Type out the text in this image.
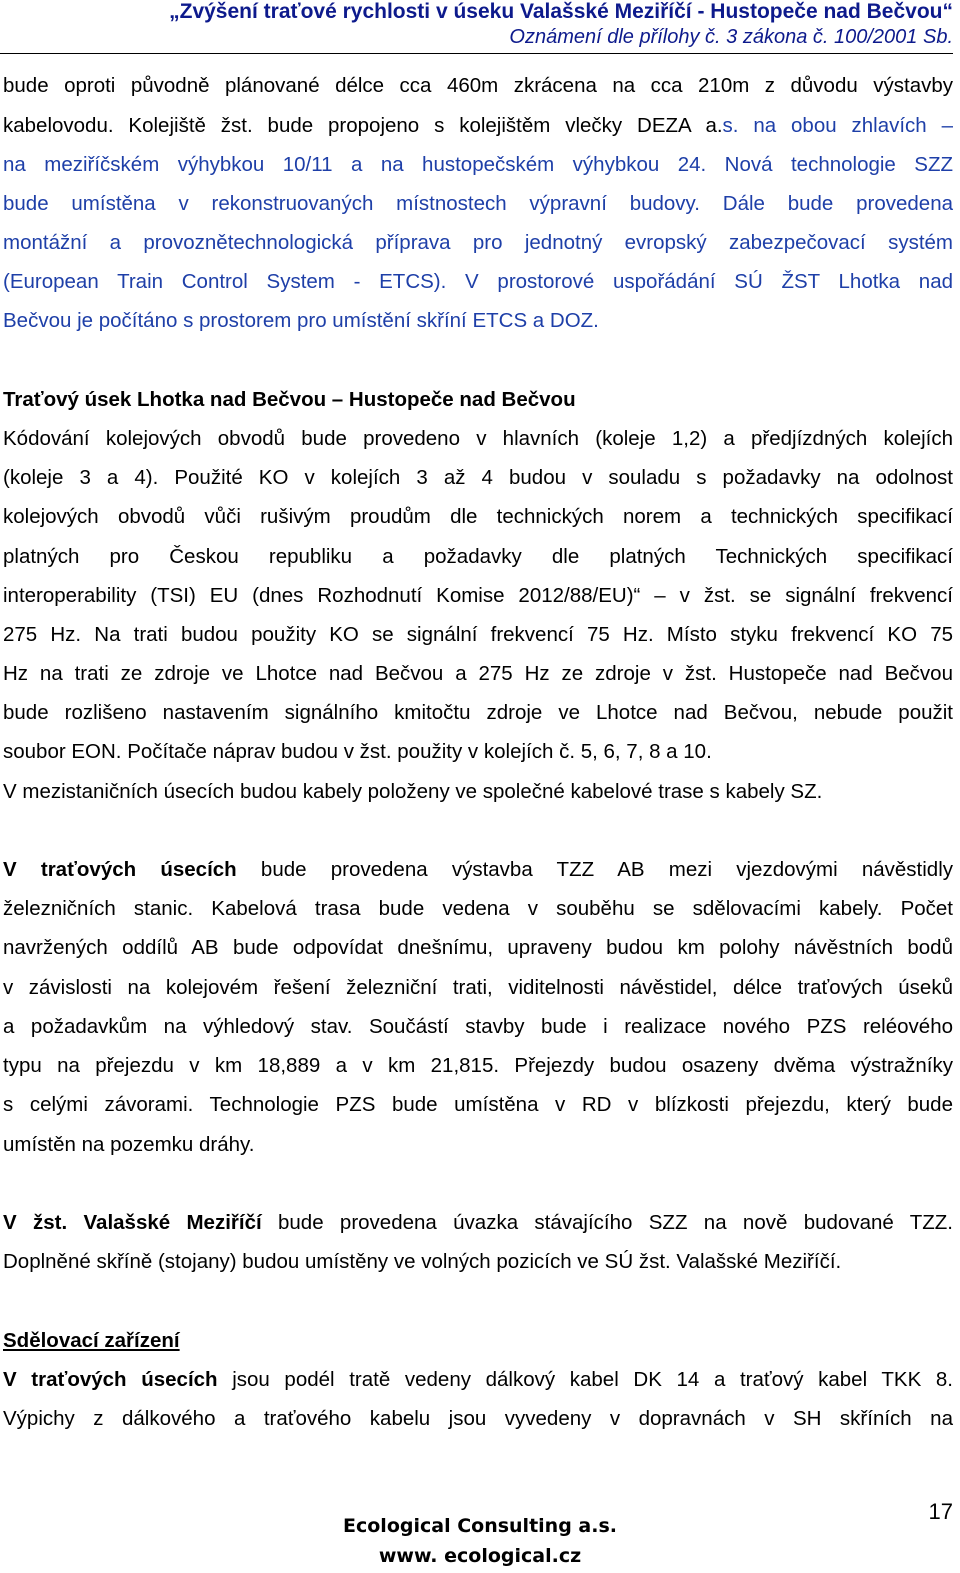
„Zvýšení traťové rychlosti v úseku Valašské Meziříčí - Hustopeče nad Bečvou“
Oznámení dle přílohy č. 3 zákona č. 100/2001 Sb.
bude oproti původně plánované délce cca 460m zkrácena na cca 210m z důvodu výstavby
kabelovodu. Kolejiště žst. bude propojeno s kolejištěm vlečky DEZA a.s. na obou zhlavích –
na meziříčském výhybkou 10/11 a na hustopečském výhybkou 24. Nová technologie SZZ
bude umístěna v rekonstruovaných místnostech výpravní budovy. Dále bude provedena
montážní a provoznětechnologická příprava pro jednotný evropský zabezpečovací systém
(European Train Control System - ETCS). V prostorové uspořádání SÚ ŽST Lhotka nad
Bečvou je počítáno s prostorem pro umístění skříní ETCS a DOZ.
Traťový úsek Lhotka nad Bečvou – Hustopeče nad Bečvou
Kódování kolejových obvodů bude provedeno v hlavních (koleje 1,2) a předjízdných kolejích
(koleje 3 a 4). Použité KO v kolejích 3 až 4 budou v souladu s požadavky na odolnost
kolejových obvodů vůči rušivým proudům dle technických norem a technických specifikací
platných pro Českou republiku a požadavky dle platných Technických specifikací
interoperability (TSI) EU (dnes Rozhodnutí Komise 2012/88/EU)“ – v žst. se signální frekvencí
275 Hz. Na trati budou použity KO se signální frekvencí 75 Hz. Místo styku frekvencí KO 75
Hz na trati ze zdroje ve Lhotce nad Bečvou a 275 Hz ze zdroje v žst. Hustopeče nad Bečvou
bude rozlišeno nastavením signálního kmitočtu zdroje ve Lhotce nad Bečvou, nebude použit
soubor EON. Počítače náprav budou v žst. použity v kolejích č. 5, 6, 7, 8 a 10.
V mezistaničních úsecích budou kabely položeny ve společné kabelové trase s kabely SZ.
V traťových úsecích bude provedena výstavba TZZ AB mezi vjezdovými návěstidly
železničních stanic. Kabelová trasa bude vedena v souběhu se sdělovacími kabely. Počet
navržených oddílů AB bude odpovídat dnešnímu, upraveny budou km polohy návěstních bodů
v závislosti na kolejovém řešení železniční trati, viditelnosti návěstidel, délce traťových úseků
a požadavkům na výhledový stav. Součástí stavby bude i realizace nového PZS reléového
typu na přejezdu v km 18,889 a v km 21,815. Přejezdy budou osazeny dvěma výstražníky
s celými závorami. Technologie PZS bude umístěna v RD v blízkosti přejezdu, který bude
umístěn na pozemku dráhy.
V žst. Valašské Meziříčí bude provedena úvazka stávajícího SZZ na nově budované TZZ.
Doplněné skříně (stojany) budou umístěny ve volných pozicích ve SÚ žst. Valašské Meziříčí.
Sdělovací zařízení
V traťových úsecích jsou podél tratě vedeny dálkový kabel DK 14 a traťový kabel TKK 8.
Výpichy z dálkového a traťového kabelu jsou vyvedeny v dopravnách v SH skříních na
Ecological Consulting a.s.
www. ecological.cz
17
